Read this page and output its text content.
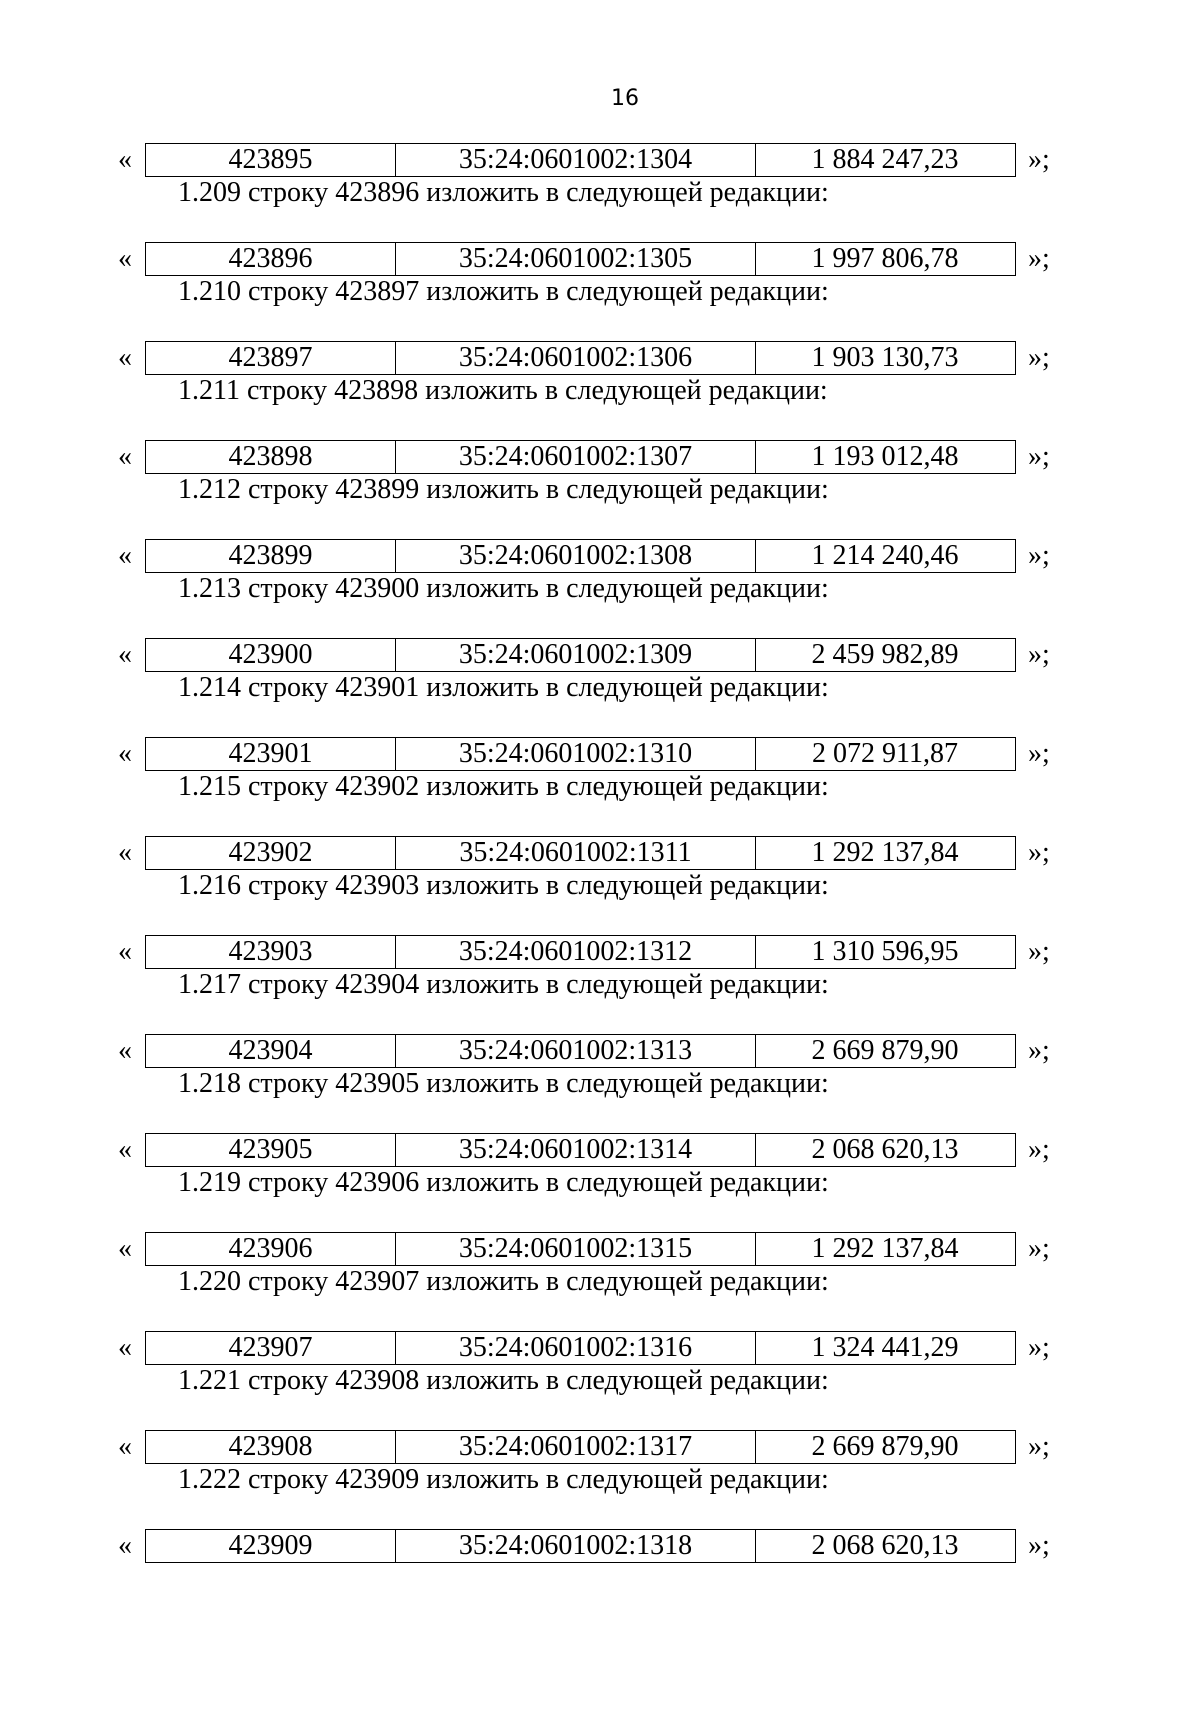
16
«	423895	35:24:0601002:1304	1 884 247,23	»;
1.209 строку 423896 изложить в следующей редакции:
«	423896	35:24:0601002:1305	1 997 806,78	»;
1.210 строку 423897 изложить в следующей редакции:
«	423897	35:24:0601002:1306	1 903 130,73	»;
1.211 строку 423898 изложить в следующей редакции:
«	423898	35:24:0601002:1307	1 193 012,48	»;
1.212 строку 423899 изложить в следующей редакции:
«	423899	35:24:0601002:1308	1 214 240,46	»;
1.213 строку 423900 изложить в следующей редакции:
«	423900	35:24:0601002:1309	2 459 982,89	»;
1.214 строку 423901 изложить в следующей редакции:
«	423901	35:24:0601002:1310	2 072 911,87	»;
1.215 строку 423902 изложить в следующей редакции:
«	423902	35:24:0601002:1311	1 292 137,84	»;
1.216 строку 423903 изложить в следующей редакции:
«	423903	35:24:0601002:1312	1 310 596,95	»;
1.217 строку 423904 изложить в следующей редакции:
«	423904	35:24:0601002:1313	2 669 879,90	»;
1.218 строку 423905 изложить в следующей редакции:
«	423905	35:24:0601002:1314	2 068 620,13	»;
1.219 строку 423906 изложить в следующей редакции:
«	423906	35:24:0601002:1315	1 292 137,84	»;
1.220 строку 423907 изложить в следующей редакции:
«	423907	35:24:0601002:1316	1 324 441,29	»;
1.221 строку 423908 изложить в следующей редакции:
«	423908	35:24:0601002:1317	2 669 879,90	»;
1.222 строку 423909 изложить в следующей редакции:
«	423909	35:24:0601002:1318	2 068 620,13	»;
